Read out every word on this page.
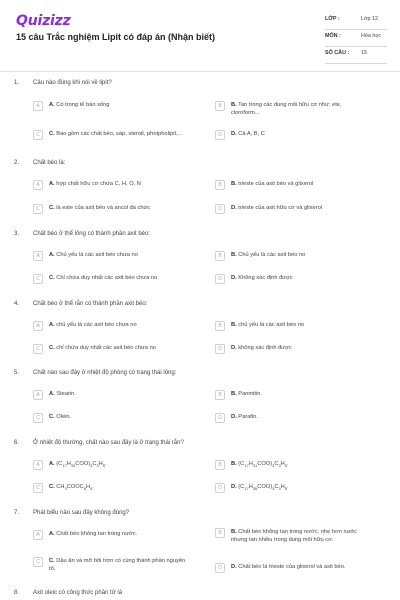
Quizizz
15 câu Trắc nghiệm Lipit có đáp án (Nhận biết)
LỚP :	Lớp 12
MÔN :	Hóa học
SỐ CÂU : 15
1. Câu nào đúng khi nói về lipit?
A	A. Có trong tế bào sống	B	B. Tan trong các dung môi hữu cơ như: ete, cloroform...
C	C. Bao gồm các chất béo, sáp, steroit, photpholipit,...	D	D. Cả A, B, C
2. Chất béo là:
A	A. hợp chất hữu cơ chứa C, H, O, N	B	B. trieste của axit béo và glixerol
C	C. là este của axit béo và ancol đa chức	D	D. trieste của axit hữu cơ và glixerol
3. Chất béo ở thể lỏng có thành phần axit béo:
A	A. Chủ yếu là các axit béo chưa no	B	B. Chủ yếu là các axit béo no
C	C. Chỉ chứa duy nhất các axit béo chưa no	D	D. Không xác định được
4. Chất béo ở thể rắn có thành phần axit béo:
A	A. chủ yếu là các axit béo chưa no	B	B. chủ yếu là các axit béo no
C	C. chỉ chứa duy nhất các axit béo chưa no	D	D. không xác định được
5. Chất nào sau đây ở nhiệt độ phòng có trạng thái lỏng:
A	A. Stearin.	B	B. Panmitin.
C	C. Olein.	D	D. Parafin.
6. Ở nhiệt độ thường, chất nào sau đây là ở trạng thái rắn?
A	A. $(C_{17}H_{33}COO)_3C_3H_5$.	B	B. $(C_{17}H_{31}COO)_3C_3H_5$.
C	C. $CH_3COOC_6H_5$.	D	D. $(C_{17}H_{35}COO)_3C_3H_5$.
7. Phát biểu nào sau đây không đúng?
A	A. Chất béo không tan trong nước.	B	B. Chất béo không tan trong nước, nhẹ hơn nước nhưng tan nhiều trong dung môi hữu cơ.
C	C. Dầu ăn và mỡ bôi trơn có cùng thành phần nguyên tố.	D	D. Chất béo là trieste của glixerol và axit béo.
8. Axit oleic có công thức phân tử là
